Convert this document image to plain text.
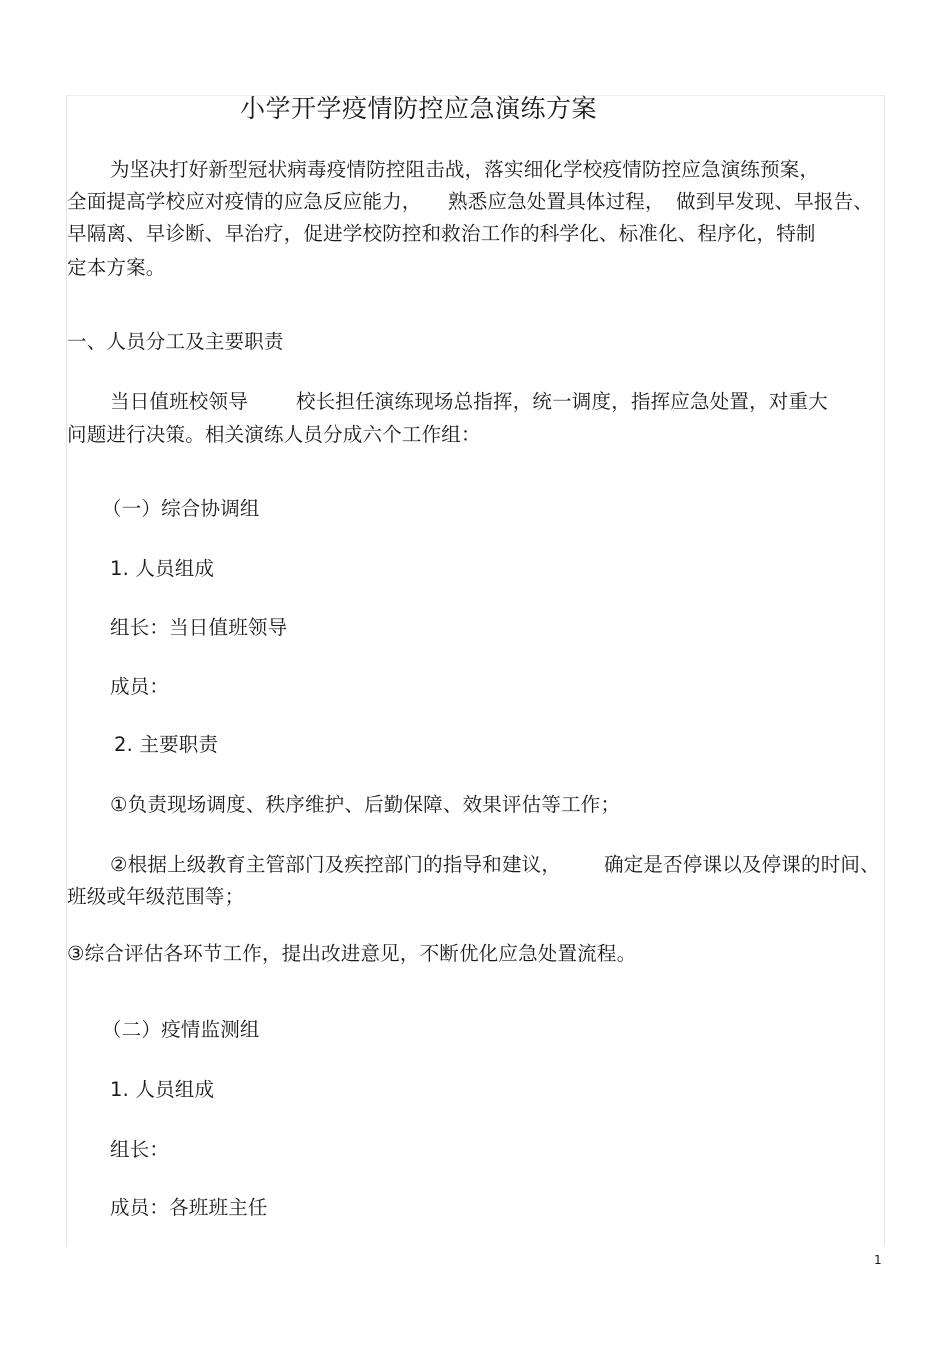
小学开学疫情防控应急演练方案
为坚决打好新型冠状病毒疫情防控阻击战，落实细化学校疫情防控应急演练预案，
全面提高学校应对疫情的应急反应能力， 熟悉应急处置具体过程， 做到早发现、早报告、
早隔离、早诊断、早治疗，促进学校防控和救治工作的科学化、标准化、程序化，特制
定本方案。
一、人员分工及主要职责
当日值班校领导 校长担任演练现场总指挥，统一调度，指挥应急处置，对重大
问题进行决策。相关演练人员分成六个工作组：
（一）综合协调组
1. 人员组成
组长：当日值班领导
成员：
2. 主要职责
①负责现场调度、秩序维护、后勤保障、效果评估等工作；
②根据上级教育主管部门及疾控部门的指导和建议， 确定是否停课以及停课的时间、
班级或年级范围等；
③综合评估各环节工作，提出改进意见，不断优化应急处置流程。
（二）疫情监测组
1. 人员组成
组长：
成员：各班班主任
1
